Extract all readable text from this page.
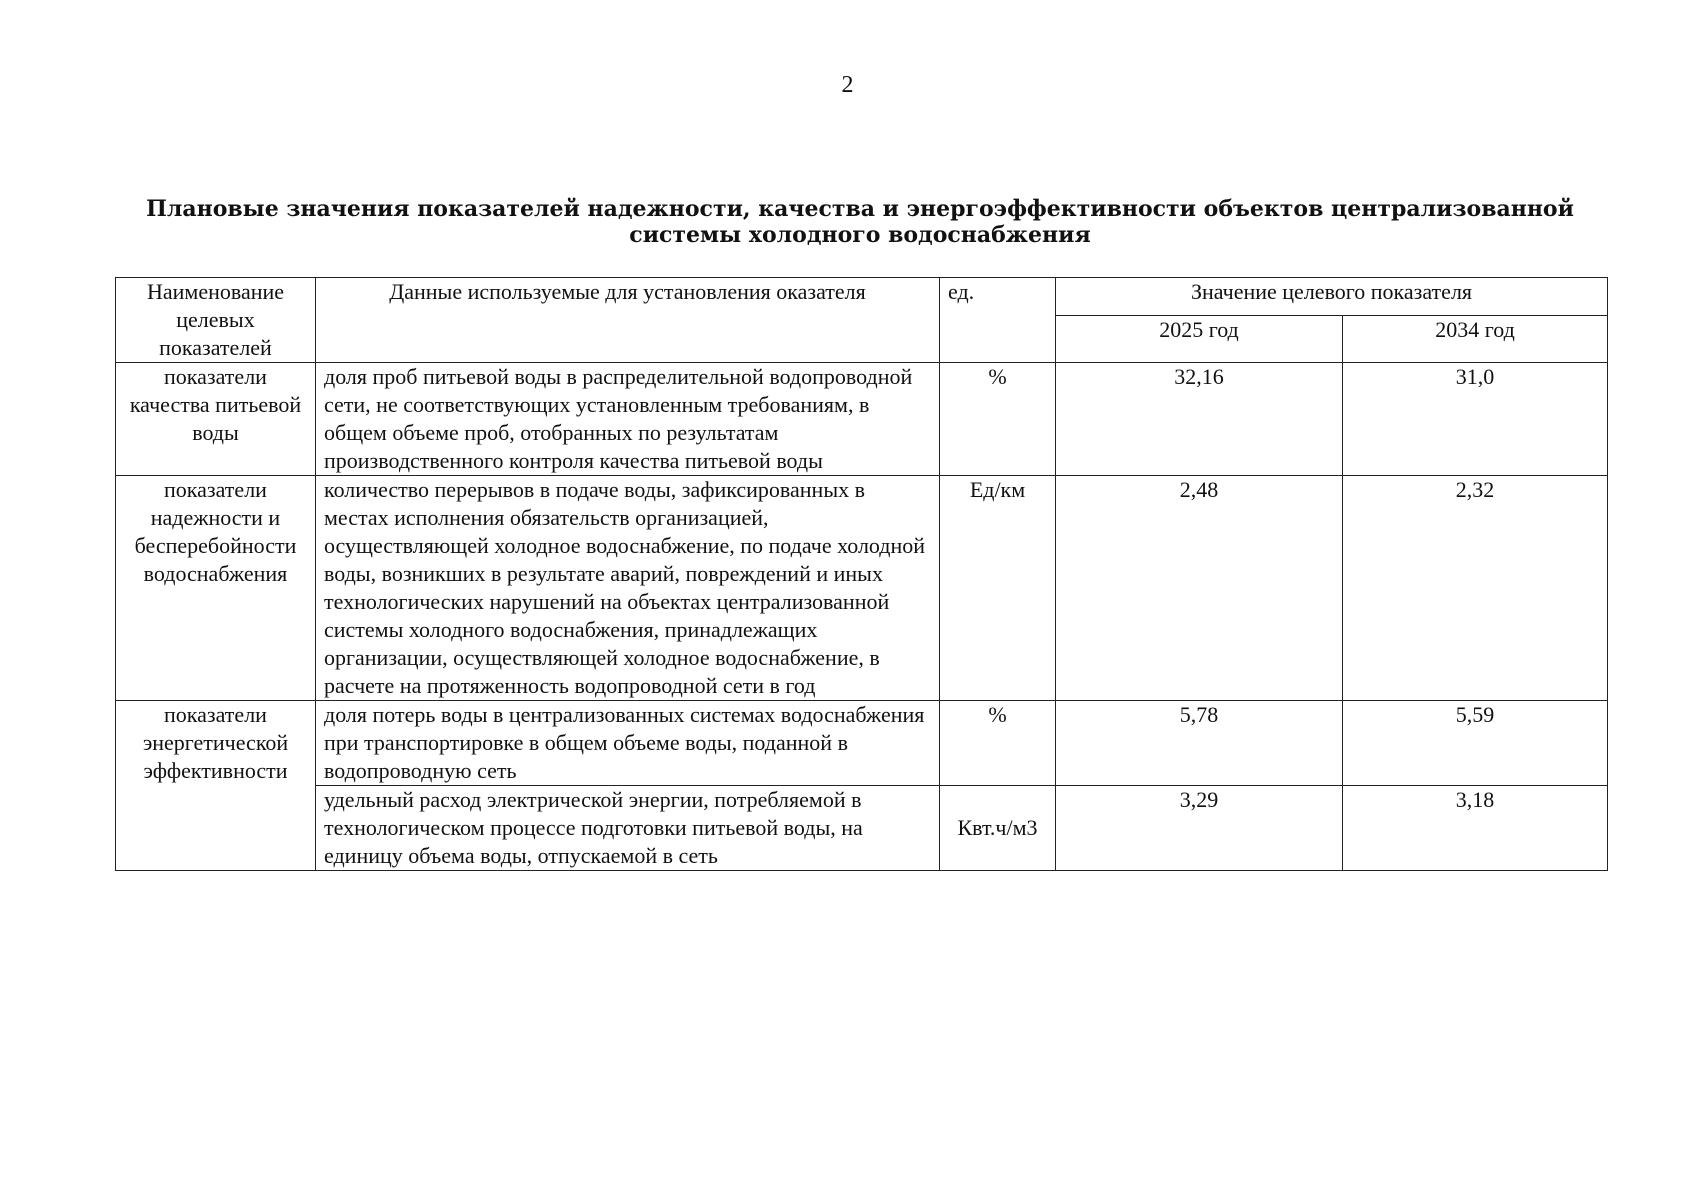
2
Плановые значения показателей надежности, качества и энергоэффективности объектов централизованной
системы холодного водоснабжения
Наименование целевых показателей	Данные используемые для установления оказателя	ед.	Значение целевого показателя	
			2025 год	2034 год
показатели качества питьевой воды	доля проб питьевой воды в распределительной водопроводной сети, не соответствующих установленным требованиям, в общем объеме проб, отобранных по результатам производственного контроля качества питьевой воды	%	32,16	31,0
показатели надежности и бесперебойности водоснабжения	количество перерывов в подаче воды, зафиксированных в местах исполнения обязательств организацией, осуществляющей холодное водоснабжение, по подаче холодной воды, возникших в результате аварий, повреждений и иных технологических нарушений на объектах централизованной системы холодного водоснабжения, принадлежащих организации, осуществляющей холодное водоснабжение, в расчете на протяженность водопроводной сети в год	Ед/км	2,48	2,32
показатели энергетической эффективности	доля потерь воды в централизованных системах водоснабжения при транспортировке в общем объеме воды, поданной в водопроводную сеть	%	5,78	5,59
	удельный расход электрической энергии, потребляемой в технологическом процессе подготовки питьевой воды, на единицу объема воды, отпускаемой в сеть	Квт.ч/м3	3,29	3,18
